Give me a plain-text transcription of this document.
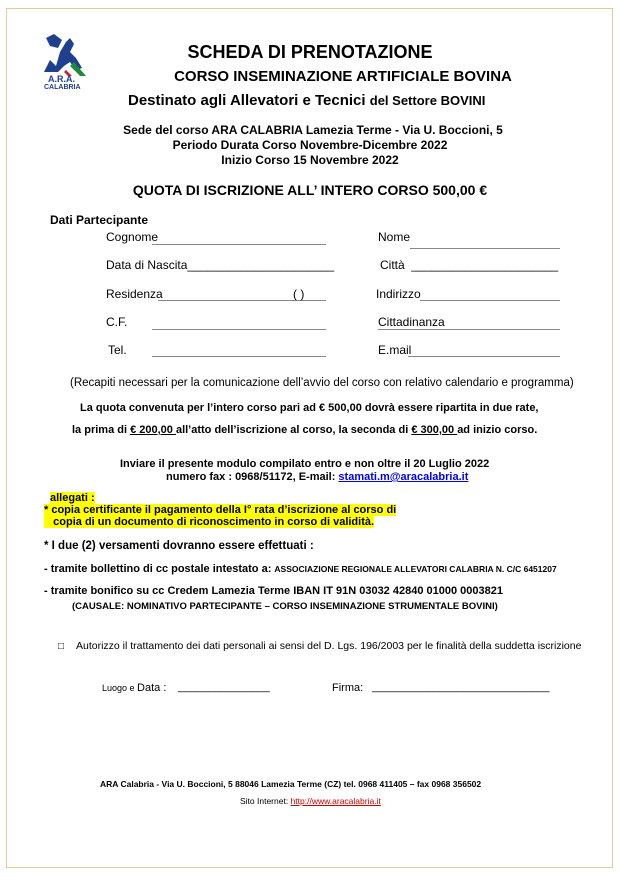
A.R.A.
CALABRIA
SCHEDA DI PRENOTAZIONE
CORSO INSEMINAZIONE ARTIFICIALE BOVINA
Destinato agli Allevatori e Tecnici del Settore BOVINI
Sede del corso ARA CALABRIA Lamezia Terme - Via U. Boccioni, 5
Periodo Durata Corso Novembre-Dicembre 2022
Inizio Corso 15 Novembre 2022
QUOTA DI ISCRIZIONE ALL’ INTERO CORSO 500,00 €
Dati Partecipante
Cognome	Nome
Data di Nascita______________________	Città ______________________
Residenza	( )	Indirizzo
C.F.	Cittadinanza
Tel.	E.mail
(Recapiti necessari per la comunicazione dell’avvio del corso con relativo calendario e programma)
La quota convenuta per l’intero corso pari ad € 500,00 dovrà essere ripartita in due rate,
la prima di € 200,00 all’atto dell’iscrizione al corso, la seconda di € 300,00 ad inizio corso.
Inviare il presente modulo compilato entro e non oltre il 20 Luglio 2022
numero fax : 0968/51172, E-mail: stamati.m@aracalabria.it
allegati :
* copia certificante il pagamento della I° rata d’iscrizione al corso di
copia di un documento di riconoscimento in corso di validità.
* I due (2) versamenti dovranno essere effettuati :
- tramite bollettino di cc postale intestato a: ASSOCIAZIONE REGIONALE ALLEVATORI CALABRIA N. C/C 6451207
- tramite bonifico su cc Credem Lamezia Terme IBAN IT 91N 03032 42840 01000 0003821
(CAUSALE: NOMINATIVO PARTECIPANTE – CORSO INSEMINAZIONE STRUMENTALE BOVINI)
□ Autorizzo il trattamento dei dati personali ai sensi del D. Lgs. 196/2003 per le finalità della suddetta iscrizione
Luogo e Data : _______________	Firma: _____________________________
ARA Calabria - Via U. Boccioni, 5 88046 Lamezia Terme (CZ) tel. 0968 411405 – fax 0968 356502
Sito Internet: http://www.aracalabria.it
